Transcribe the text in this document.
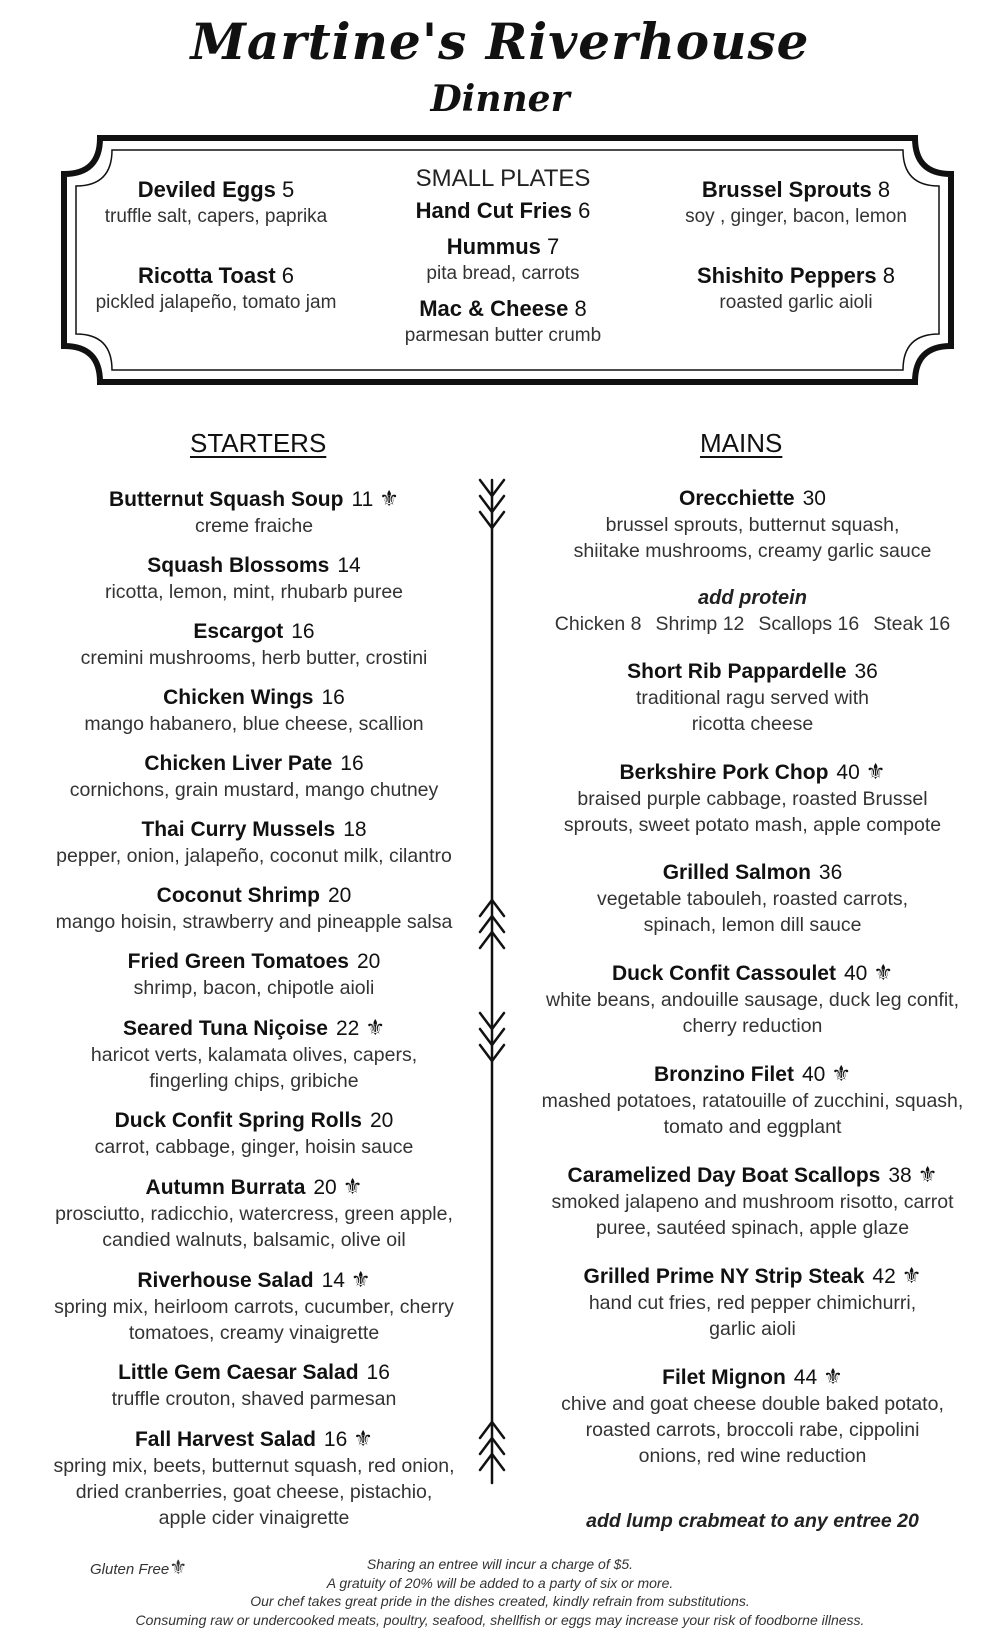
Martine's Riverhouse
Dinner
Deviled Eggs 5
truffle salt, capers, paprika
Ricotta Toast 6
pickled jalapeño, tomato jam
SMALL PLATES
Hand Cut Fries 6
Hummus 7
pita bread, carrots
Mac & Cheese 8
parmesan butter crumb
Brussel Sprouts 8
soy , ginger, bacon, lemon
Shishito Peppers 8
roasted garlic aioli
STARTERS	MAINS
Butternut Squash Soup 11 ⚜
creme fraiche
Squash Blossoms 14
ricotta, lemon, mint, rhubarb puree
Escargot 16
cremini mushrooms, herb butter, crostini
Chicken Wings 16
mango habanero, blue cheese, scallion
Chicken Liver Pate 16
cornichons, grain mustard, mango chutney
Thai Curry Mussels 18
pepper, onion, jalapeño, coconut milk, cilantro
Coconut Shrimp 20
mango hoisin, strawberry and pineapple salsa
Fried Green Tomatoes 20
shrimp, bacon, chipotle aioli
Seared Tuna Niçoise 22 ⚜
haricot verts, kalamata olives, capers,
fingerling chips, gribiche
Duck Confit Spring Rolls 20
carrot, cabbage, ginger, hoisin sauce
Autumn Burrata 20 ⚜
prosciutto, radicchio, watercress, green apple,
candied walnuts, balsamic, olive oil
Riverhouse Salad 14 ⚜
spring mix, heirloom carrots, cucumber, cherry
tomatoes, creamy vinaigrette
Little Gem Caesar Salad 16
truffle crouton, shaved parmesan
Fall Harvest Salad 16 ⚜
spring mix, beets, butternut squash, red onion,
dried cranberries, goat cheese, pistachio,
apple cider vinaigrette
Orecchiette 30
brussel sprouts, butternut squash,
shiitake mushrooms, creamy garlic sauce
add protein
Chicken 8 Shrimp 12 Scallops 16 Steak 16
Short Rib Pappardelle 36
traditional ragu served with
ricotta cheese
Berkshire Pork Chop 40 ⚜
braised purple cabbage, roasted Brussel
sprouts, sweet potato mash, apple compote
Grilled Salmon 36
vegetable tabouleh, roasted carrots,
spinach, lemon dill sauce
Duck Confit Cassoulet 40 ⚜
white beans, andouille sausage, duck leg confit,
cherry reduction
Bronzino Filet 40 ⚜
mashed potatoes, ratatouille of zucchini, squash,
tomato and eggplant
Caramelized Day Boat Scallops 38 ⚜
smoked jalapeno and mushroom risotto, carrot
puree, sautéed spinach, apple glaze
Grilled Prime NY Strip Steak 42 ⚜
hand cut fries, red pepper chimichurri,
garlic aioli
Filet Mignon 44 ⚜
chive and goat cheese double baked potato,
roasted carrots, broccoli rabe, cippolini
onions, red wine reduction
add lump crabmeat to any entree 20
Gluten Free⚜	Sharing an entree will incur a charge of $5.
A gratuity of 20% will be added to a party of six or more.
Our chef takes great pride in the dishes created, kindly refrain from substitutions.
Consuming raw or undercooked meats, poultry, seafood, shellfish or eggs may increase your risk of foodborne illness.
